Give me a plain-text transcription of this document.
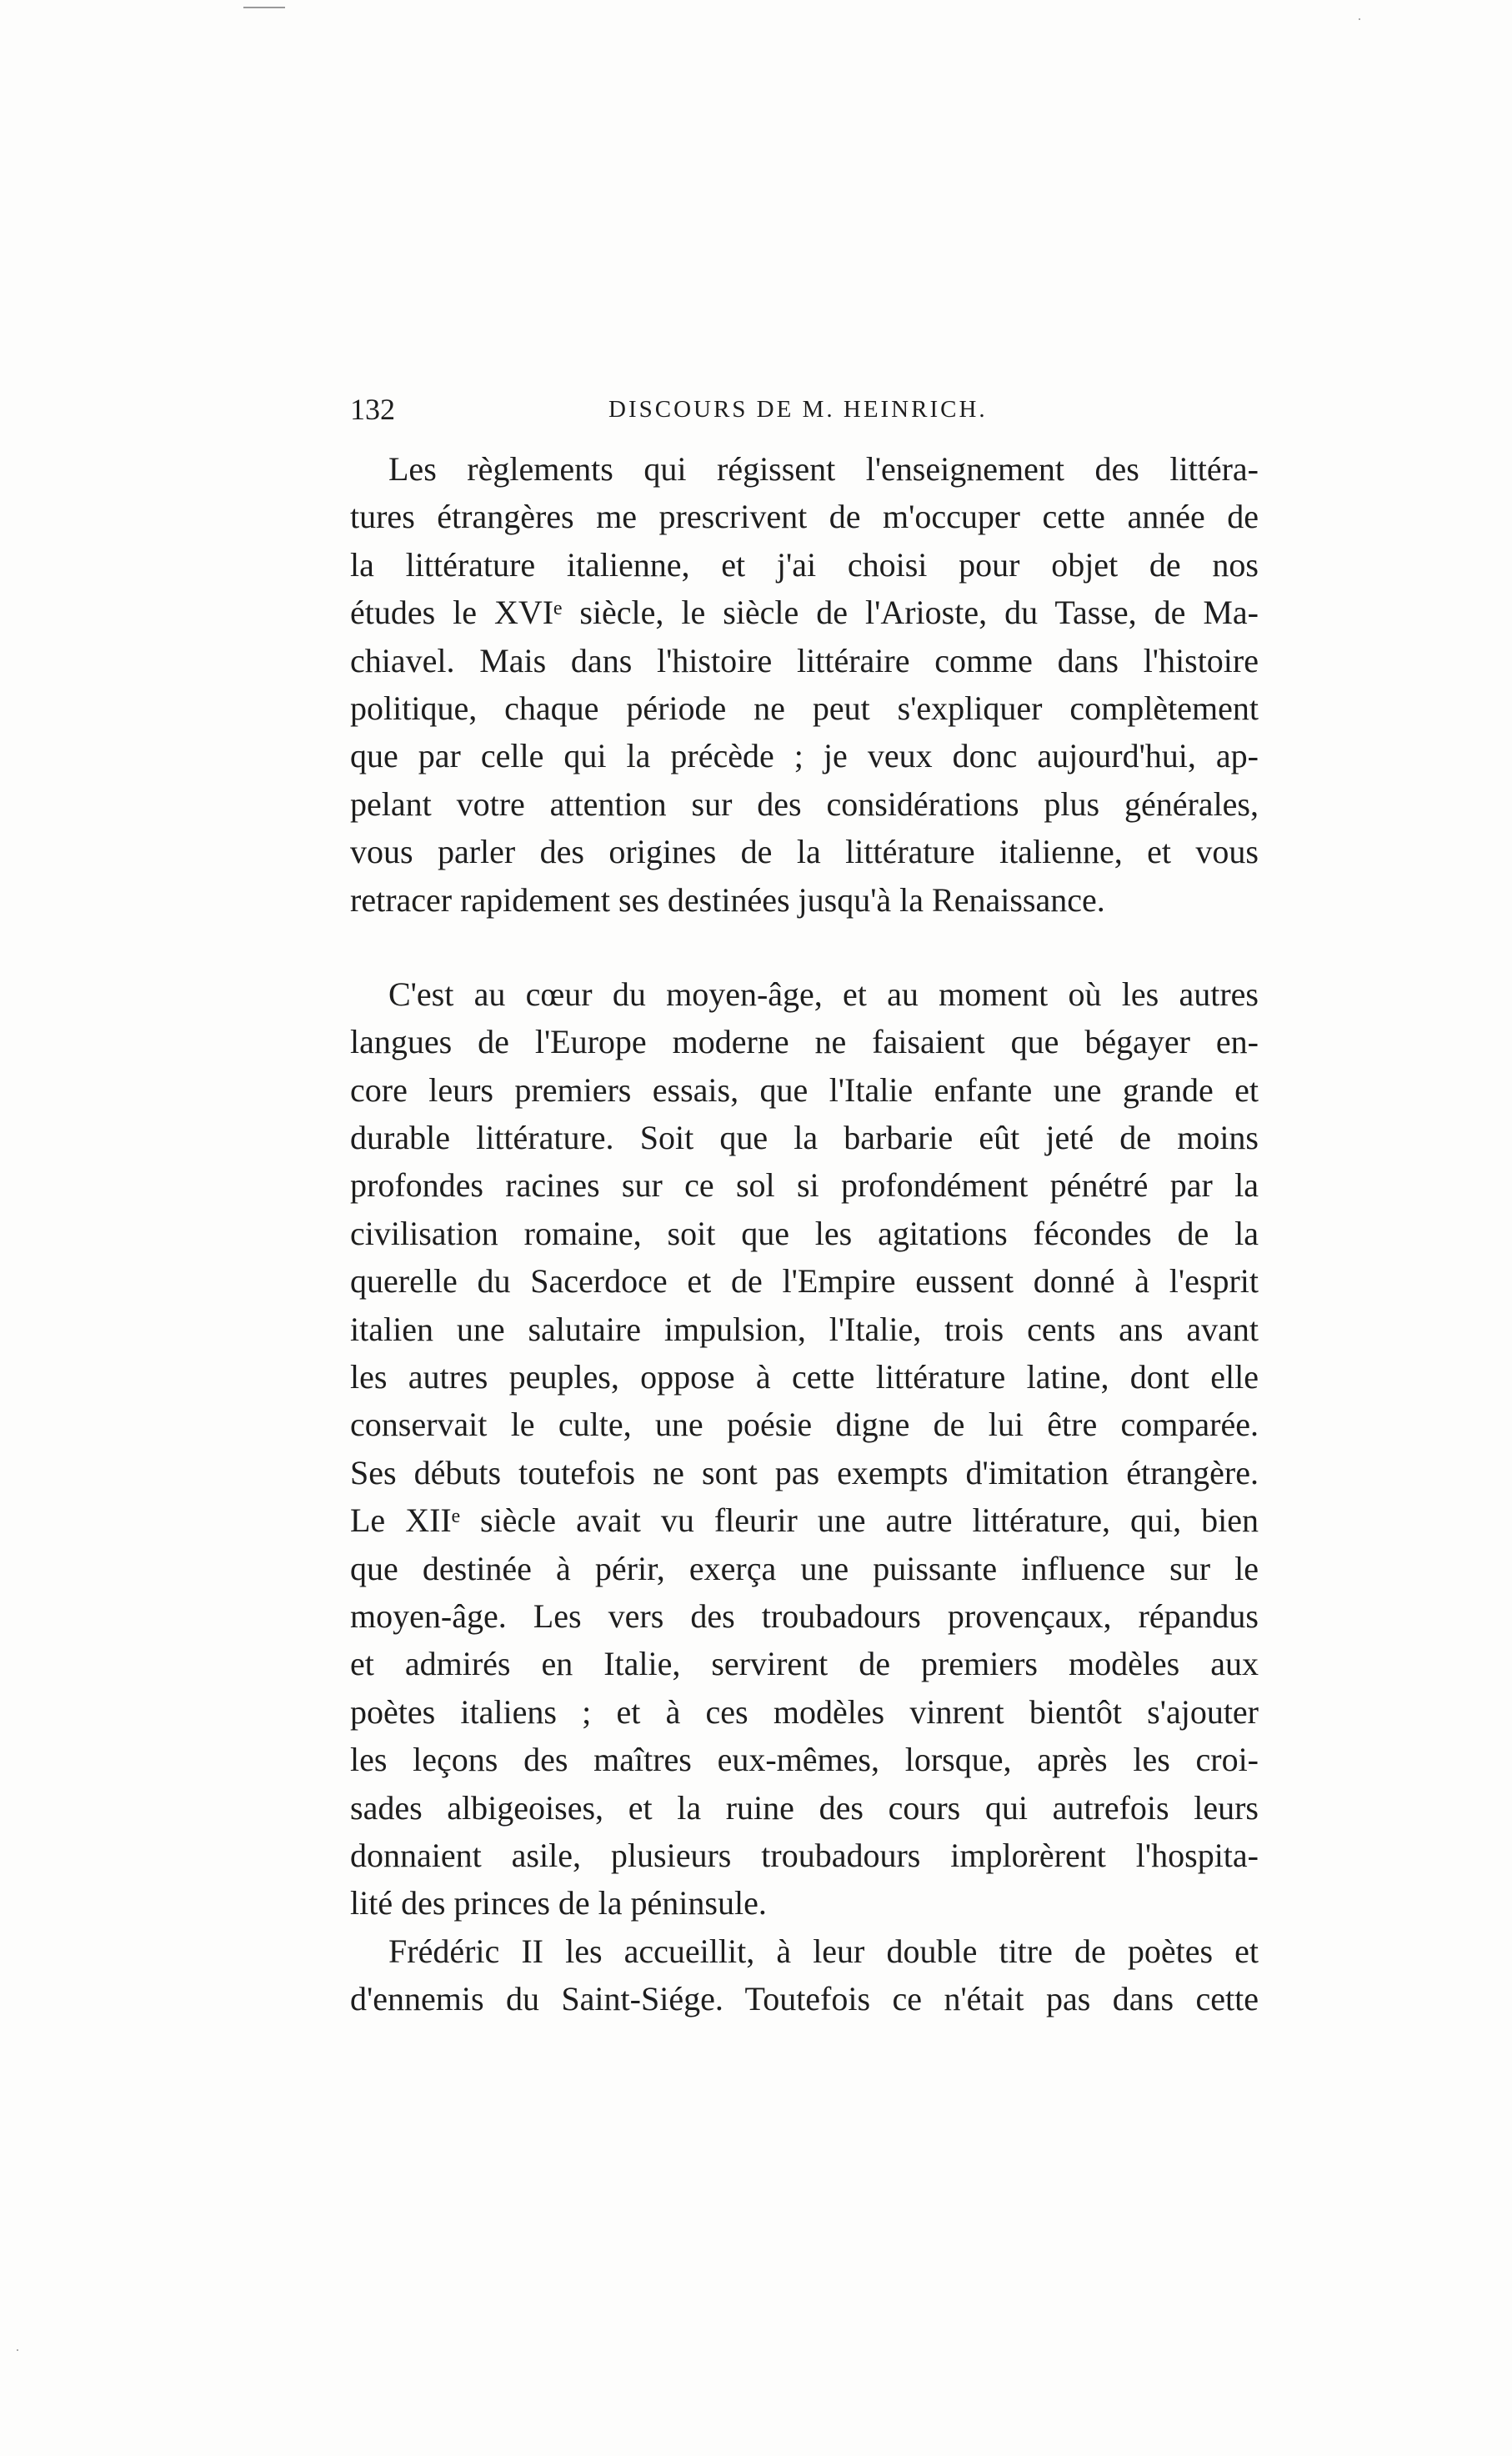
132	DISCOURS DE M. HEINRICH.

Les règlements qui régissent l'enseignement des littéra-
tures étrangères me prescrivent de m'occuper cette année de
la littérature italienne, et j'ai choisi pour objet de nos
études le XVIᵉ siècle, le siècle de l'Arioste, du Tasse, de Ma-
chiavel. Mais dans l'histoire littéraire comme dans l'histoire
politique, chaque période ne peut s'expliquer complètement
que par celle qui la précède ; je veux donc aujourd'hui, ap-
pelant votre attention sur des considérations plus générales,
vous parler des origines de la littérature italienne, et vous
retracer rapidement ses destinées jusqu'à la Renaissance.

C'est au cœur du moyen-âge, et au moment où les autres
langues de l'Europe moderne ne faisaient que bégayer en-
core leurs premiers essais, que l'Italie enfante une grande et
durable littérature. Soit que la barbarie eût jeté de moins
profondes racines sur ce sol si profondément pénétré par la
civilisation romaine, soit que les agitations fécondes de la
querelle du Sacerdoce et de l'Empire eussent donné à l'esprit
italien une salutaire impulsion, l'Italie, trois cents ans avant
les autres peuples, oppose à cette littérature latine, dont elle
conservait le culte, une poésie digne de lui être comparée.
Ses débuts toutefois ne sont pas exempts d'imitation étrangère.
Le XIIᵉ siècle avait vu fleurir une autre littérature, qui, bien
que destinée à périr, exerça une puissante influence sur le
moyen-âge. Les vers des troubadours provençaux, répandus
et admirés en Italie, servirent de premiers modèles aux
poètes italiens ; et à ces modèles vinrent bientôt s'ajouter
les leçons des maîtres eux-mêmes, lorsque, après les croi-
sades albigeoises, et la ruine des cours qui autrefois leurs
donnaient asile, plusieurs troubadours implorèrent l'hospita-
lité des princes de la péninsule.

Frédéric II les accueillit, à leur double titre de poètes et
d'ennemis du Saint-Siége. Toutefois ce n'était pas dans cette
